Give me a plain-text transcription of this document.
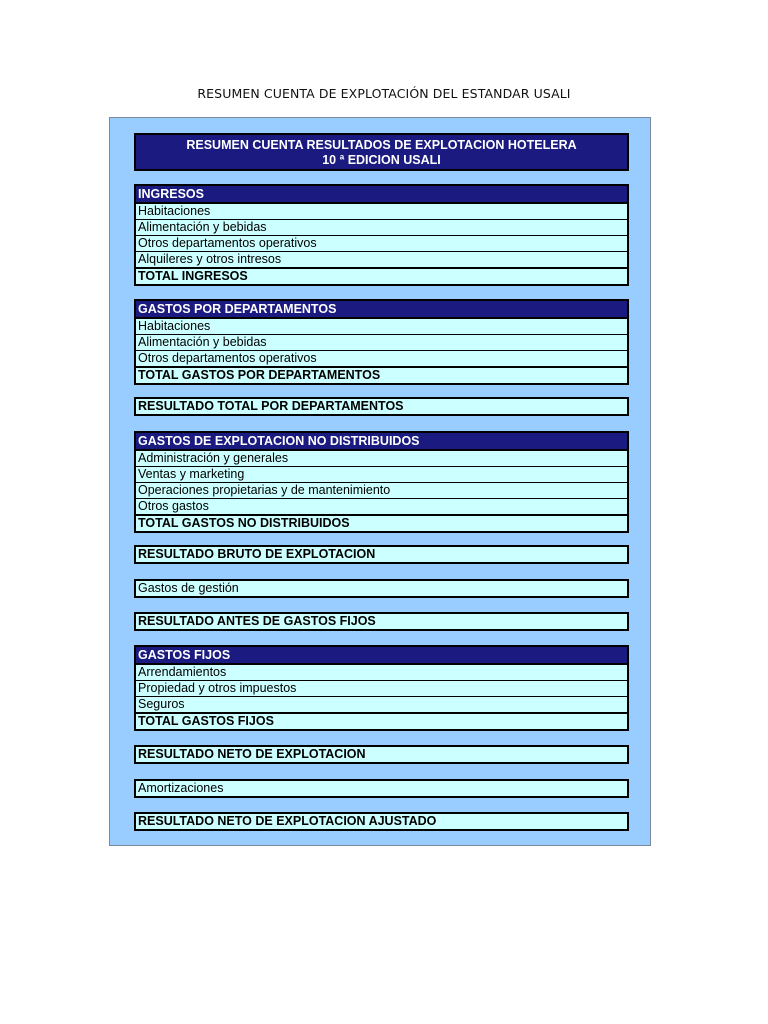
RESUMEN CUENTA DE EXPLOTACIÓN DEL ESTANDAR USALI
RESUMEN CUENTA RESULTADOS DE EXPLOTACION HOTELERA
10 ª EDICION USALI
INGRESOS
Habitaciones
Alimentación y bebidas
Otros departamentos operativos
Alquileres y otros intresos
TOTAL INGRESOS
GASTOS POR DEPARTAMENTOS
Habitaciones
Alimentación y bebidas
Otros departamentos operativos
TOTAL GASTOS POR DEPARTAMENTOS
RESULTADO TOTAL POR DEPARTAMENTOS
GASTOS DE EXPLOTACION NO DISTRIBUIDOS
Administración y generales
Ventas y marketing
Operaciones propietarias y de mantenimiento
Otros gastos
TOTAL GASTOS NO DISTRIBUIDOS
RESULTADO BRUTO DE EXPLOTACION
Gastos de gestión
RESULTADO ANTES DE GASTOS FIJOS
GASTOS FIJOS
Arrendamientos
Propiedad y otros impuestos
Seguros
TOTAL GASTOS FIJOS
RESULTADO NETO DE EXPLOTACION
Amortizaciones
RESULTADO NETO DE EXPLOTACION AJUSTADO
